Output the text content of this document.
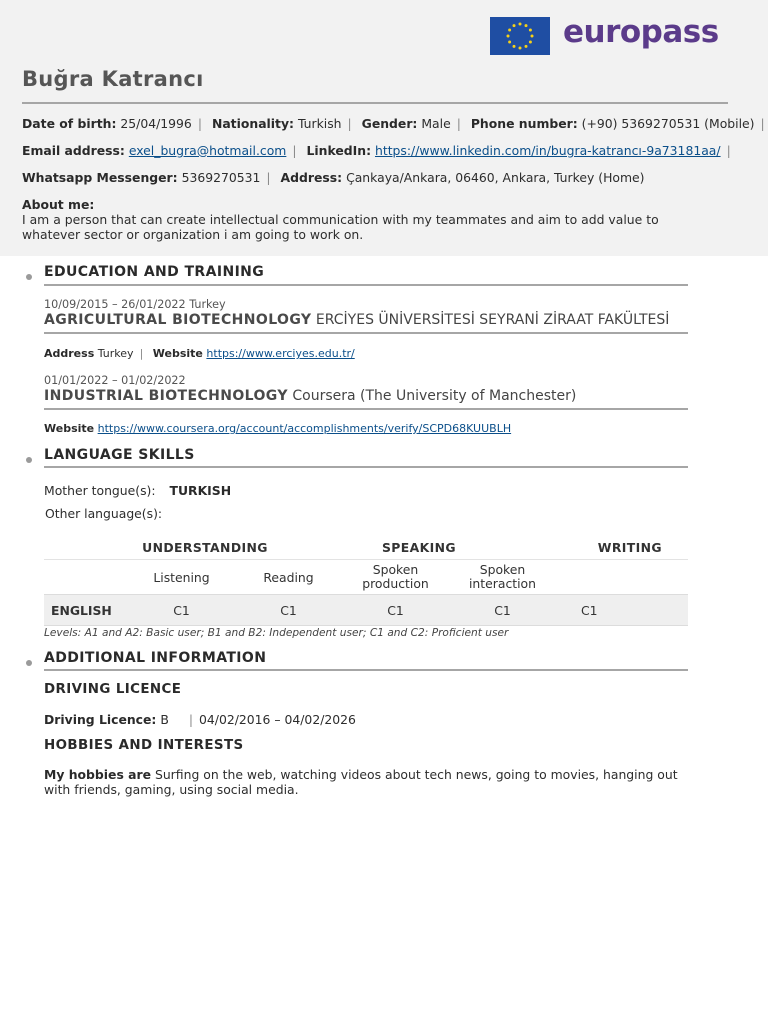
europass
Buğra Katrancı
Date of birth: 25/04/1996 | Nationality: Turkish | Gender: Male | Phone number: (+90) 5369270531 (Mobile) |
Email address: exel_bugra@hotmail.com | LinkedIn: https://www.linkedin.com/in/bugra-katrancı-9a73181aa/ |
Whatsapp Messenger: 5369270531 | Address: Çankaya/Ankara, 06460, Ankara, Turkey (Home)
About me:
I am a person that can create intellectual communication with my teammates and aim to add value to whatever sector or organization i am going to work on.
EDUCATION AND TRAINING
10/09/2015 – 26/01/2022 Turkey
AGRICULTURAL BIOTECHNOLOGY ERCİYES ÜNİVERSİTESİ SEYRANİ ZİRAAT FAKÜLTESİ
Address Turkey | Website https://www.erciyes.edu.tr/
01/01/2022 – 01/02/2022
INDUSTRIAL BIOTECHNOLOGY Coursera (The University of Manchester)
Website https://www.coursera.org/account/accomplishments/verify/SCPD68KUUBLH
LANGUAGE SKILLS
Mother tongue(s): TURKISH
Other language(s):
	UNDERSTANDING	SPEAKING	WRITING
	Listening	Reading	Spoken production	Spoken interaction	
ENGLISH	C1	C1	C1	C1	C1
Levels: A1 and A2: Basic user; B1 and B2: Independent user; C1 and C2: Proficient user
ADDITIONAL INFORMATION
DRIVING LICENCE
Driving Licence: B | 04/02/2016 – 04/02/2026
HOBBIES AND INTERESTS
My hobbies are Surfing on the web, watching videos about tech news, going to movies, hanging out with friends, gaming, using social media.
